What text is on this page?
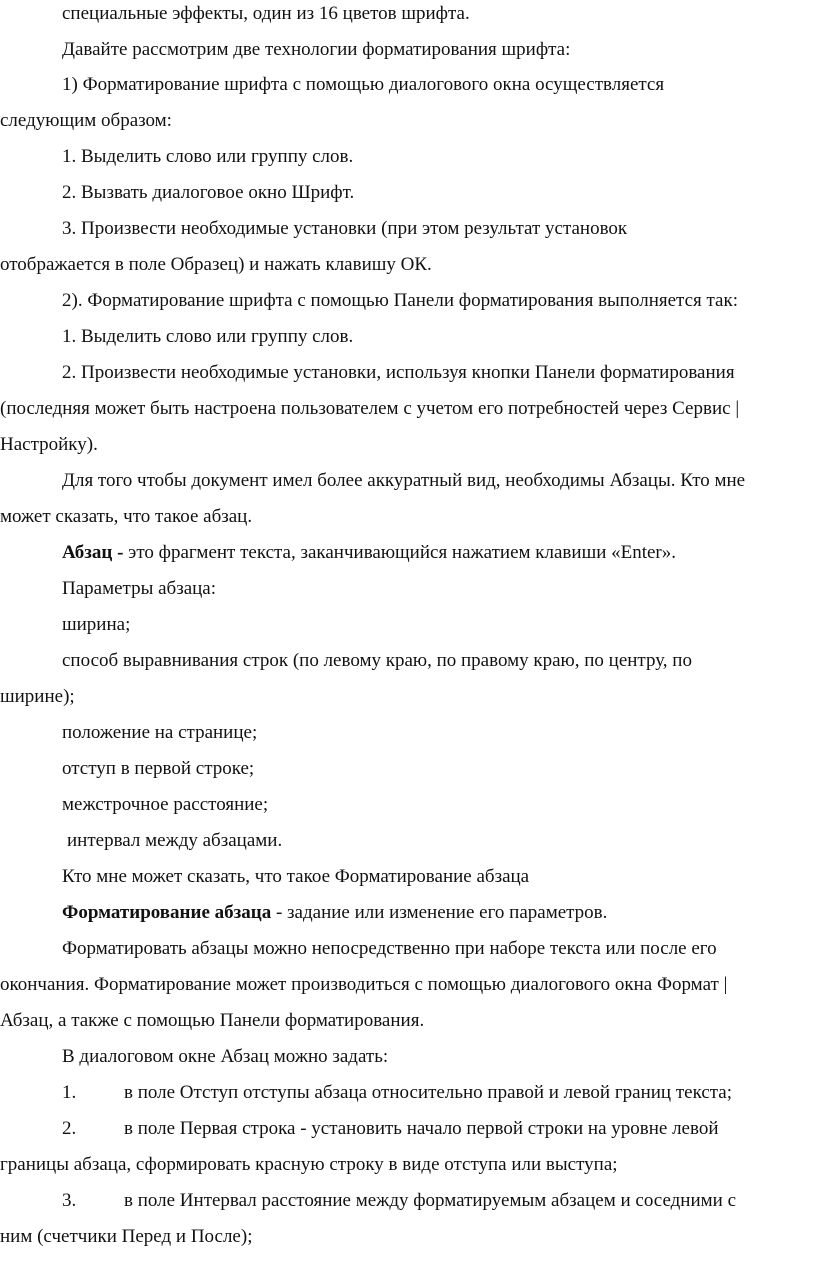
специальные эффекты, один из 16 цветов шрифта.
Давайте рассмотрим две технологии форматирования шрифта:
1) Форматирование шрифта с помощью диалогового окна осуществляется
следующим образом:
1. Выделить слово или группу слов.
2. Вызвать диалоговое окно Шрифт.
3. Произвести необходимые установки (при этом результат установок
отображается в поле Образец) и нажать клавишу ОК.
2). Форматирование шрифта с помощью Панели форматирования выполняется так:
1. Выделить слово или группу слов.
2. Произвести необходимые установки, используя кнопки Панели форматирования
(последняя может быть настроена пользователем с учетом его потребностей через Сервис |
Настройку).
Для того чтобы документ имел более аккуратный вид, необходимы Абзацы. Кто мне
может сказать, что такое абзац.
Абзац - это фрагмент текста, заканчивающийся нажатием клавиши «Enter».
Параметры абзаца:
ширина;
способ выравнивания строк (по левому краю, по правому краю, по центру, по
ширине);
положение на странице;
отступ в первой строке;
межстрочное расстояние;
интервал между абзацами.
Кто мне может сказать, что такое Форматирование абзаца
Форматирование абзаца - задание или изменение его параметров.
Форматировать абзацы можно непосредственно при наборе текста или после его
окончания. Форматирование может производиться с помощью диалогового окна Формат |
Абзац, а также с помощью Панели форматирования.
В диалоговом окне Абзац можно задать:
1.	в поле Отступ отступы абзаца относительно правой и левой границ текста;
2.	в поле Первая строка - установить начало первой строки на уровне левой
границы абзаца, сформировать красную строку в виде отступа или выступа;
3.	в поле Интервал расстояние между форматируемым абзацем и соседними с
ним (счетчики Перед и После);
